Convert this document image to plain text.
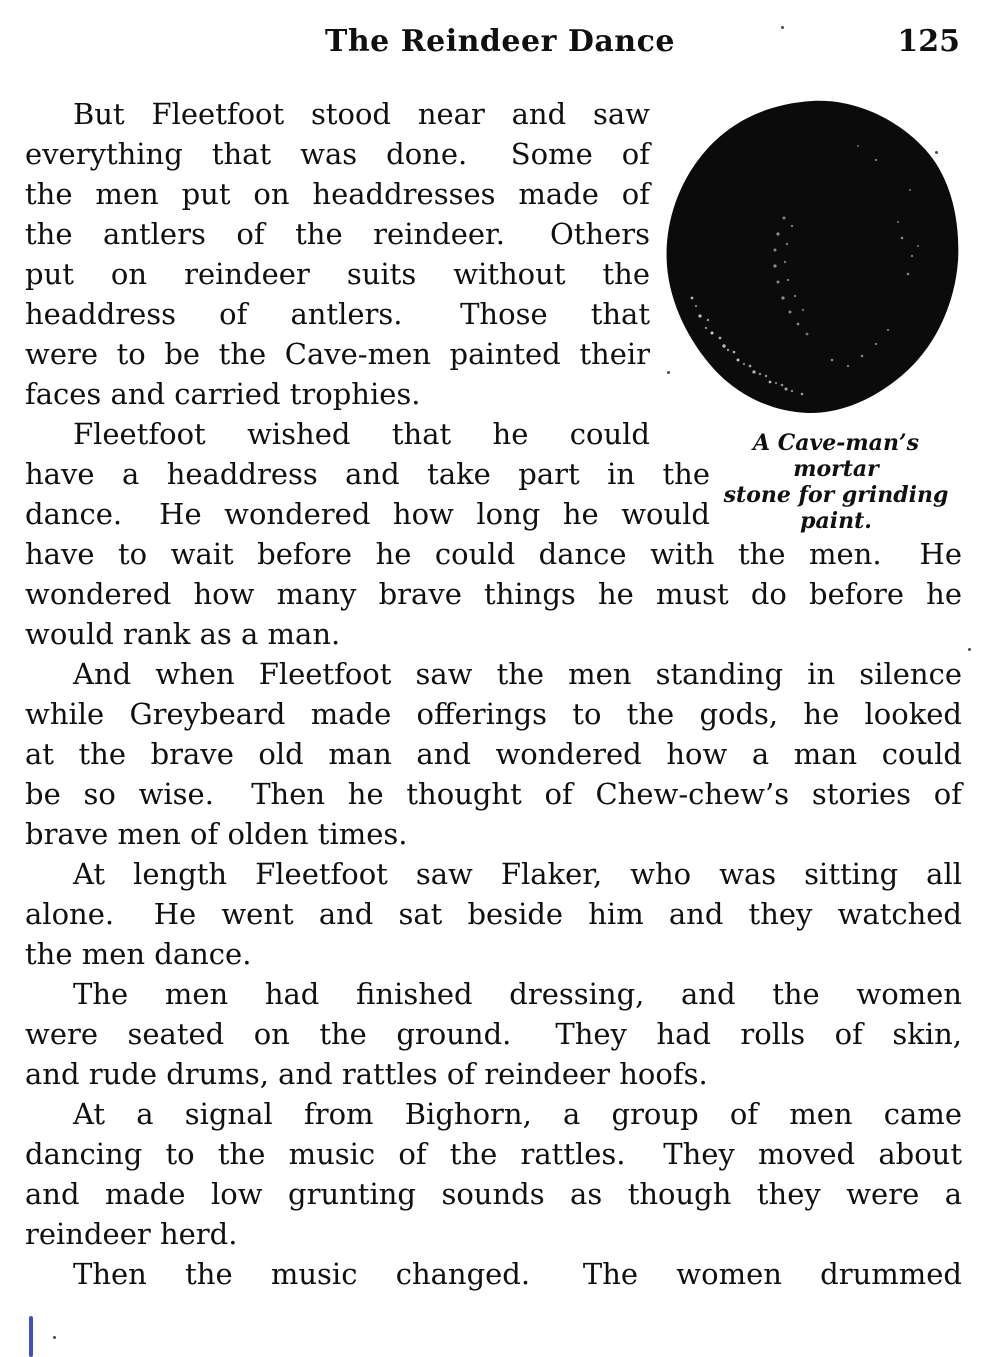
The Reindeer Dance	125
A Cave-man’s mortar
stone for grinding
paint.
But Fleetfoot stood near and saw
everything that was done.  Some of
the men put on headdresses made of
the antlers of the reindeer.  Others
put on reindeer suits without the
headdress of antlers.  Those that
were to be the Cave-men painted their
faces and carried trophies.
Fleetfoot wished that he could
have a headdress and take part in the
dance.  He wondered how long he would
have to wait before he could dance with the men.  He
wondered how many brave things he must do before he
would rank as a man.
And when Fleetfoot saw the men standing in silence
while Greybeard made offerings to the gods, he looked
at the brave old man and wondered how a man could
be so wise.  Then he thought of Chew-chew’s stories of
brave men of olden times.
At length Fleetfoot saw Flaker, who was sitting all
alone.  He went and sat beside him and they watched
the men dance.
The men had finished dressing, and the women
were seated on the ground.  They had rolls of skin,
and rude drums, and rattles of reindeer hoofs.
At a signal from Bighorn, a group of men came
dancing to the music of the rattles.  They moved about
and made low grunting sounds as though they were a
reindeer herd.
Then the music changed.  The women drummed
